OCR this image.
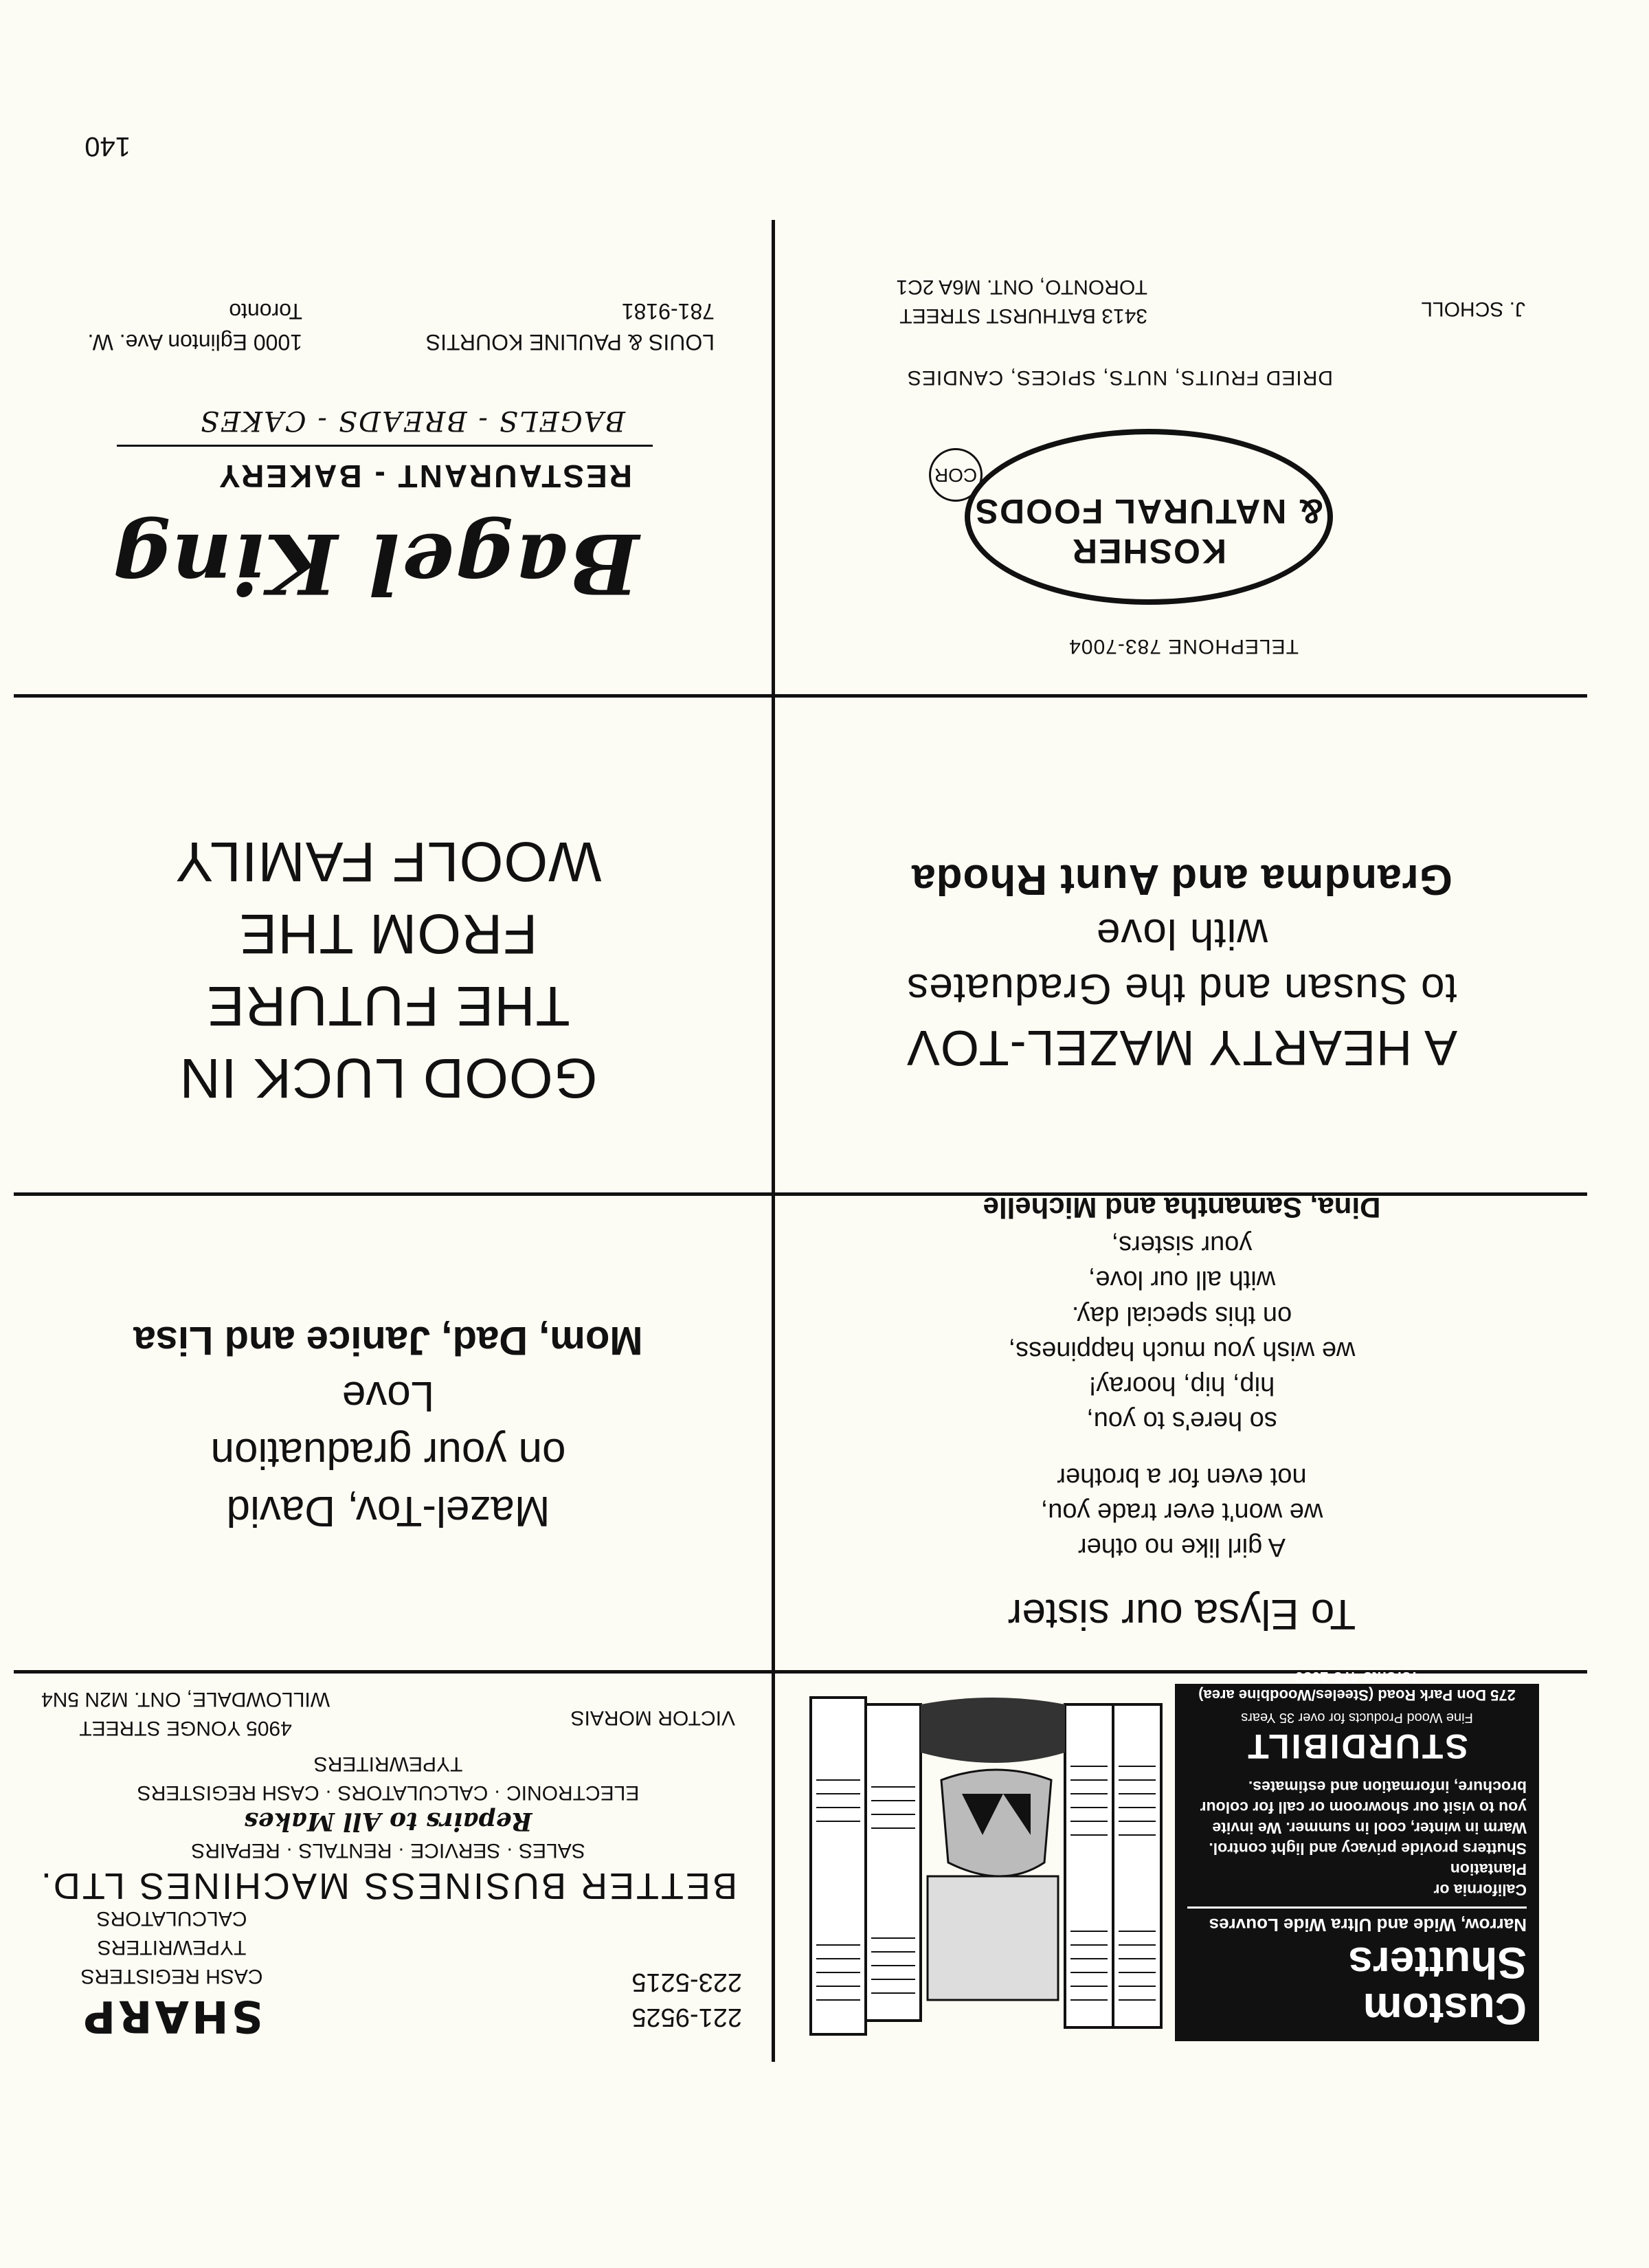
140
Custom Shutters
Narrow, Wide and Ultra Wide Louvres
California or
Plantation
Shutters provide privacy and light control.
Warm in winter, cool in summer. We invite
you to visit our showroom or call for colour
brochure, information and estimates.
STURDIBILT
Fine Wood Products for over 35 Years
275 Don Park Road (Steeles/Woodbine area)
Toronto 475-1050
221-9525
223-5215
SHARP
CASH REGISTERS
TYPEWRITERS
CALCULATORS
BETTER BUSINESS MACHINES LTD.
SALES · SERVICE · RENTALS · REPAIRS
Repairs to All Makes
ELECTRONIC · CALCULATORS · CASH REGISTERS
TYPEWRITERS
VICTOR MORAIS
4905 YONGE STREET
WILLOWDALE, ONT. M2N 5N4
To Elysa our sister
A girl like no other
we won't ever trade you,
not even for a brother
so here's to you,
hip, hip, hooray!
we wish you much happiness,
on this special day.
with all our love,
your sisters,
Dina, Samantha and Michelle
Mazel-Tov, David
on your graduation
Love
Mom, Dad, Janice and Lisa
A HEARTY MAZEL-TOV
to Susan and the Graduates
with love
Grandma and Aunt Rhoda
GOOD LUCK IN
THE FUTURE
FROM THE
WOOLF FAMILY
TELEPHONE 783-7004
KOSHER
& NATURAL FOODS
COR
DRIED FRUITS, NUTS, SPICES, CANDIES
J. SCHOLL
3413 BATHURST STREET
TORONTO, ONT. M6A 2C1
Bagel King
RESTAURANT - BAKERY
BAGELS - BREADS - CAKES
LOUIS & PAULINE KOURTIS
781-9181
1000 Eglinton Ave. W.
Toronto
